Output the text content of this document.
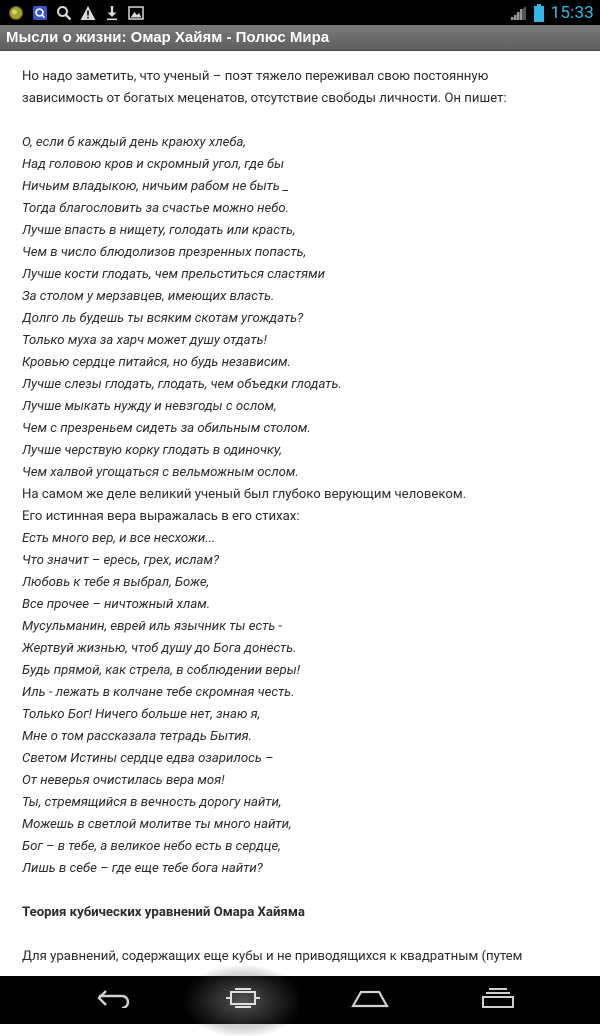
15:33
Мысли о жизни: Омар Хайям - Полюс Мира

Но надо заметить, что ученый – поэт тяжело переживал свою постоянную

зависимость от богатых меценатов, отсутствие свободы личности. Он пишет:

О, если б каждый день краюху хлеба,

Над головою кров и скромный угол, где бы

Ничьим владыкою, ничьим рабом не быть _

Тогда благословить за счастье можно небо.

Лучше впасть в нищету, голодать или красть,

Чем в число блюдолизов презренных попасть,

Лучше кости глодать, чем прельститься сластями

За столом у мерзавцев, имеющих власть.

Долго ль будешь ты всяким скотам угождать?

Только муха за харч может душу отдать!

Кровью сердце питайся, но будь независим.

Лучше слезы глодать, глодать, чем объедки глодать.

Лучше мыкать нужду и невзгоды с ослом,

Чем с презреньем сидеть за обильным столом.

Лучше черствую корку глодать в одиночку,

Чем халвой угощаться с вельможным ослом.

На самом же деле великий ученый был глубоко верующим человеком.

Его истинная вера выражалась в его стихах:

Есть много вер, и все несхожи...

Что значит – ересь, грех, ислам?

Любовь к тебе я выбрал, Боже,

Все прочее – ничтожный хлам.

Мусульманин, еврей иль язычник ты есть -

Жертвуй жизнью, чтоб душу до Бога донесть.

Будь прямой, как стрела, в соблюдении веры!

Иль - лежать в колчане тебе скромная честь.

Только Бог! Ничего больше нет, знаю я,

Мне о том рассказала тетрадь Бытия.

Светом Истины сердце едва озарилось –

От неверья очистилась вера моя!

Ты, стремящийся в вечность дорогу найти,

Можешь в светлой молитве ты много найти,

Бог – в тебе, а великое небо есть в сердце,

Лишь в себе – где еще тебе бога найти?

Теория кубических уравнений Омара Хайяма

Для уравнений, содержащих еще кубы и не приводящихся к квадратным (путем
